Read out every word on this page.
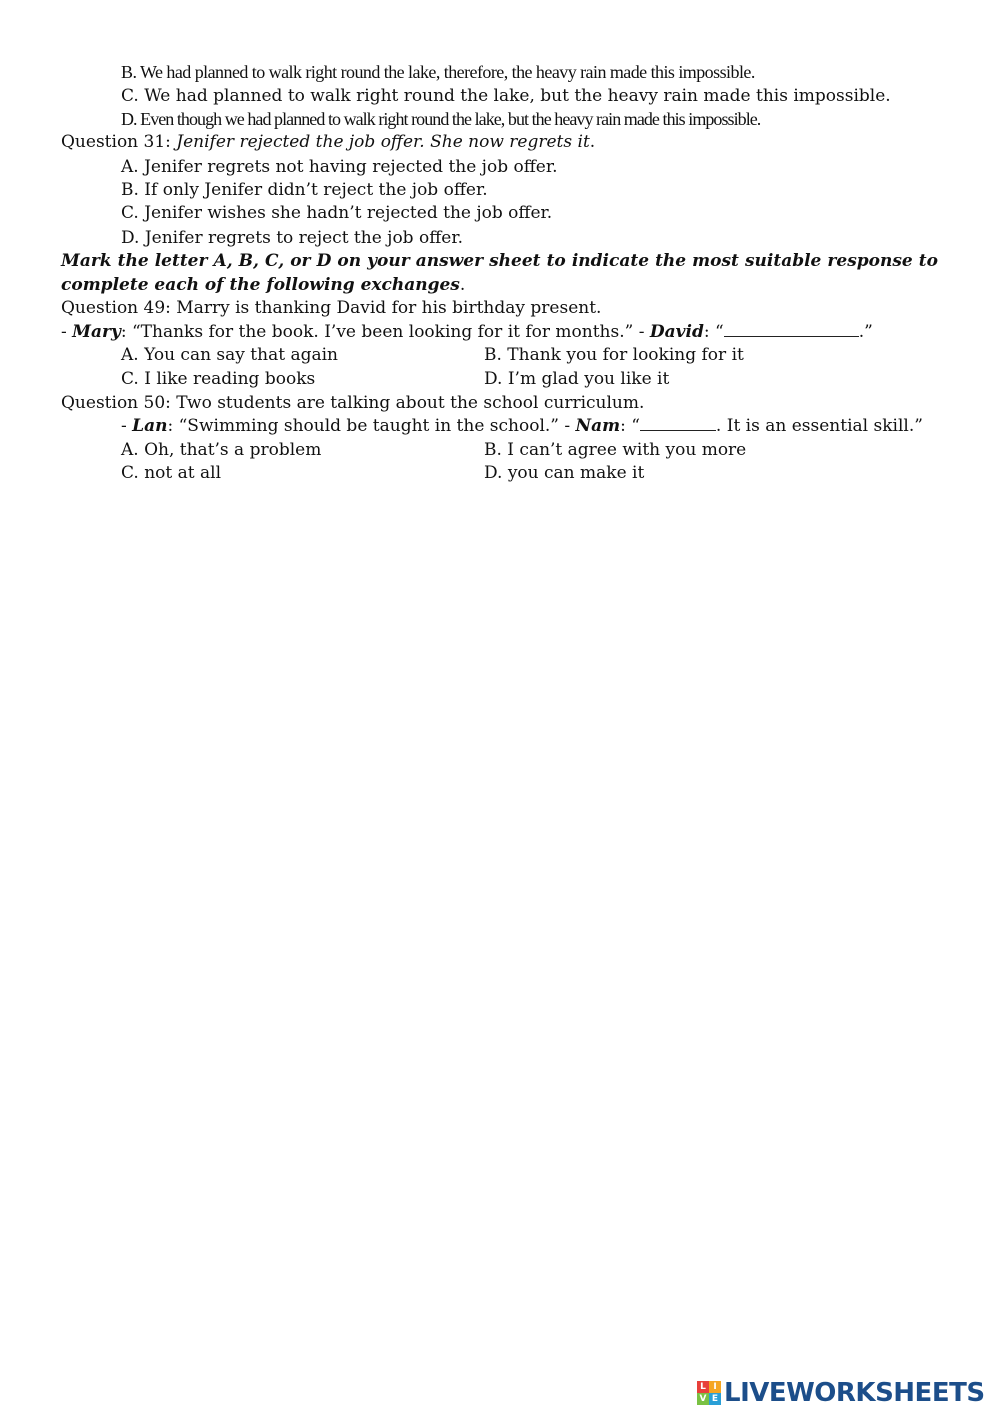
B. We had planned to walk right round the lake, therefore, the heavy rain made this impossible.
C. We had planned to walk right round the lake, but the heavy rain made this impossible.
D. Even though we had planned to walk right round the lake, but the heavy rain made this impossible.
Question 31: Jenifer rejected the job offer. She now regrets it.
A. Jenifer regrets not having rejected the job offer.
B. If only Jenifer didn’t reject the job offer.
C. Jenifer wishes she hadn’t rejected the job offer.
D. Jenifer regrets to reject the job offer.
Mark the letter A, B, C, or D on your answer sheet to indicate the most suitable response to
complete each of the following exchanges.
Question 49: Marry is thanking David for his birthday present.
- Mary: “Thanks for the book. I’ve been looking for it for months.” - David: “	.”
A. You can say that again	B. Thank you for looking for it
C. I like reading books	D. I’m glad you like it
Question 50: Two students are talking about the school curriculum.
- Lan: “Swimming should be taught in the school.” - Nam: “	. It is an essential skill.”
A. Oh, that’s a problem	B. I can’t agree with you more
C. not at all	D. you can make it
L I
V E LIVEWORKSHEETS
